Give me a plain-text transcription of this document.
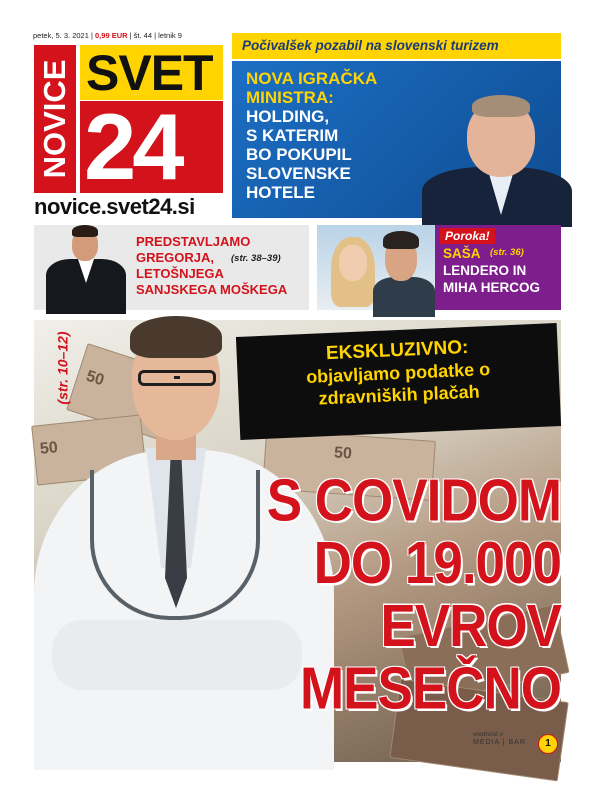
petek, 5. 3. 2021 | 0,99 EUR | št. 44 | letnik 9
NOVICE SVET
24
novice.svet24.si
Počivalšek pozabil na slovenski turizem
NOVA IGRAČKA
MINISTRA:
HOLDING,
S KATERIM
BO POKUPIL
SLOVENSKE
HOTELE
(str. 4–6)
PREDSTAVLJAMO
GREGORJA,
LETOŠNJEGA
SANJSKEGA MOŠKEGA
(str. 38–39)
Poroka!
SAŠA
LENDERO IN
MIHA HERCOG
(str. 36)
50
50	50
(str. 10–12)	EKSKLUZIVNO:
objavljamo podatke o
zdravniških plačah
S COVIDOM
DO 19.000
EVROV
MESEČNO
vrednost v
MEDIA | BAR	1
